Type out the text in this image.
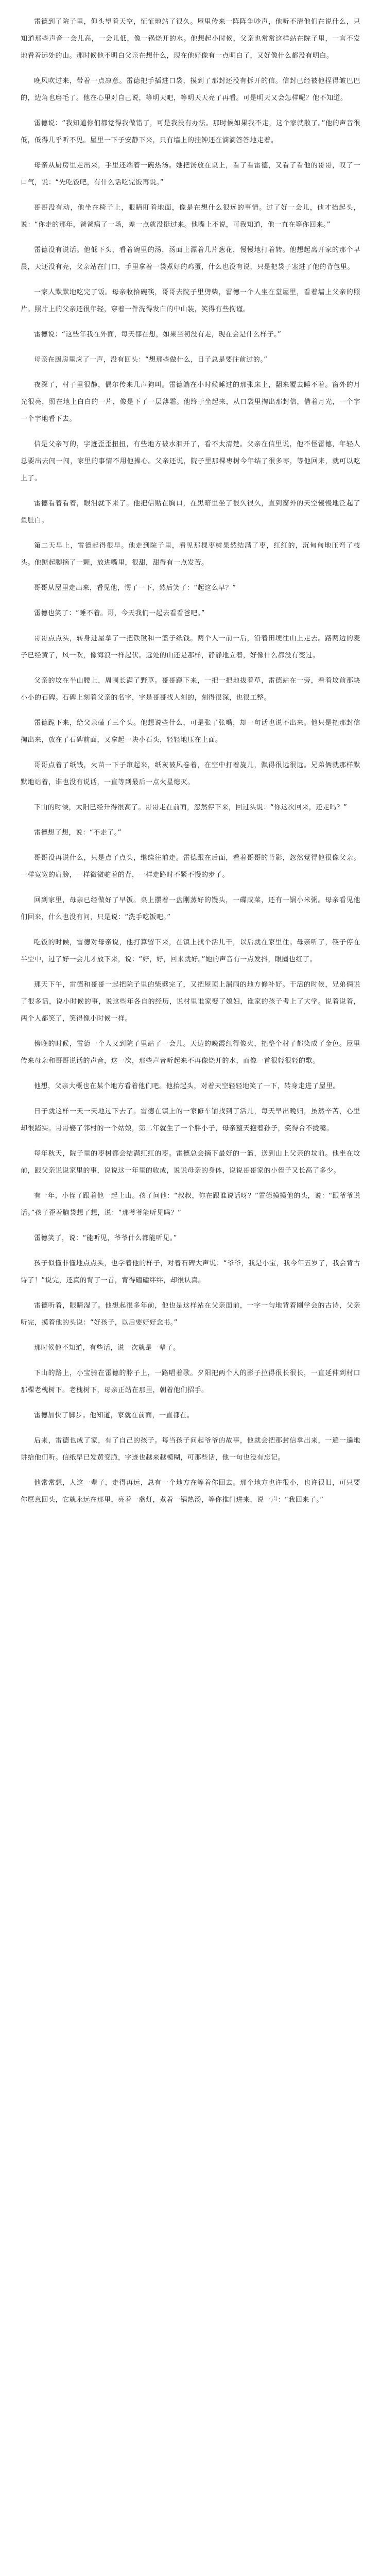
雷德到了院子里，仰头望着天空，怔怔地站了很久。屋里传来一阵阵争吵声，他听不清他们在说什么，只知道那些声音一会儿高，一会儿低，像一锅烧开的水。他想起小时候，父亲也常常这样站在院子里，一言不发地看着远处的山。那时候他不明白父亲在想什么，现在他好像有一点明白了，又好像什么都没有明白。

晚风吹过来，带着一点凉意。雷德把手插进口袋，摸到了那封还没有拆开的信。信封已经被他捏得皱巴巴的，边角也磨毛了。他在心里对自己说，等明天吧，等明天天亮了再看。可是明天又会怎样呢？他不知道。

雷德说：“我知道你们都觉得我做错了，可是我没有办法。那时候如果我不走，这个家就散了。”他的声音很低，低得几乎听不见。屋里一下子安静下来，只有墙上的挂钟还在滴滴答答地走着。

母亲从厨房里走出来，手里还端着一碗热汤。她把汤放在桌上，看了看雷德，又看了看他的哥哥，叹了一口气，说：“先吃饭吧，有什么话吃完饭再说。”

哥哥没有动，他坐在椅子上，眼睛盯着地面，像是在想什么很远的事情。过了好一会儿，他才抬起头，说：“你走的那年，爸爸病了一场，差一点就没挺过来。他嘴上不说，可我知道，他一直在等你回来。”

雷德没有说话。他低下头，看着碗里的汤，汤面上漂着几片葱花，慢慢地打着转。他想起离开家的那个早晨，天还没有亮，父亲站在门口，手里拿着一袋煮好的鸡蛋，什么也没有说，只是把袋子塞进了他的背包里。

一家人默默地吃完了饭。母亲收拾碗筷，哥哥去院子里劈柴，雷德一个人坐在堂屋里，看着墙上父亲的照片。照片上的父亲还很年轻，穿着一件洗得发白的中山装，笑得有些拘谨。

雷德说：“这些年我在外面，每天都在想，如果当初没有走，现在会是什么样子。”

母亲在厨房里应了一声，没有回头：“想那些做什么，日子总是要往前过的。”

夜深了，村子里很静，偶尔传来几声狗叫。雷德躺在小时候睡过的那张床上，翻来覆去睡不着。窗外的月光很亮，照在地上白白的一片，像是下了一层薄霜。他终于坐起来，从口袋里掏出那封信，借着月光，一个字一个字地看下去。

信是父亲写的，字迹歪歪扭扭，有些地方被水洇开了，看不太清楚。父亲在信里说，他不怪雷德，年轻人总要出去闯一闯，家里的事情不用他操心。父亲还说，院子里那棵枣树今年结了很多枣，等他回来，就可以吃上了。

雷德看着看着，眼泪就下来了。他把信贴在胸口，在黑暗里坐了很久很久，直到窗外的天空慢慢地泛起了鱼肚白。

第二天早上，雷德起得很早。他走到院子里，看见那棵枣树果然结满了枣，红红的，沉甸甸地压弯了枝头。他踮起脚摘了一颗，放进嘴里，很甜，甜得有一点发苦。

哥哥从屋里走出来，看见他，愣了一下，然后笑了：“起这么早？”

雷德也笑了：“睡不着。哥，今天我们一起去看看爸吧。”

哥哥点点头，转身进屋拿了一把铁锹和一篮子纸钱。两个人一前一后，沿着田埂往山上走去。路两边的麦子已经黄了，风一吹，像海浪一样起伏。远处的山还是那样，静静地立着，好像什么都没有变过。

父亲的坟在半山腰上，周围长满了野草。哥哥蹲下来，一把一把地拔着草，雷德站在一旁，看着坟前那块小小的石碑。石碑上刻着父亲的名字，字是哥哥找人刻的，刻得很深，也很工整。

雷德跪下来，给父亲磕了三个头。他想说些什么，可是张了张嘴，却一句话也说不出来。他只是把那封信掏出来，放在了石碑前面，又拿起一块小石头，轻轻地压在上面。

哥哥点着了纸钱，火苗一下子窜起来，纸灰被风卷着，在空中打着旋儿，飘得很远很远。兄弟俩就那样默默地站着，谁也没有说话，一直等到最后一点火星熄灭。

下山的时候，太阳已经升得很高了。哥哥走在前面，忽然停下来，回过头说：“你这次回来，还走吗？”

雷德想了想，说：“不走了。”

哥哥没再说什么，只是点了点头，继续往前走。雷德跟在后面，看着哥哥的背影，忽然觉得他很像父亲。一样宽宽的肩膀，一样微微驼着的背，一样走路时不紧不慢的步子。

回到家里，母亲已经做好了早饭。桌上摆着一盘刚蒸好的馒头，一碟咸菜，还有一锅小米粥。母亲看见他们回来，什么也没有问，只是说：“洗手吃饭吧。”

吃饭的时候，雷德对母亲说，他打算留下来，在镇上找个活儿干，以后就在家里住。母亲听了，筷子停在半空中，过了好一会儿才放下来，说：“好，好，回来就好。”她的声音有一点发抖，眼圈也红了。

那天下午，雷德和哥哥一起把院子里的柴劈完了，又把屋顶上漏雨的地方修补好。干活的时候，兄弟俩说了很多话，说小时候的事，说这些年各自的经历，说村里谁家娶了媳妇，谁家的孩子考上了大学。说着说着，两个人都笑了，笑得像小时候一样。

傍晚的时候，雷德一个人又到院子里站了一会儿。天边的晚霞红得像火，把整个村子都染成了金色。屋里传来母亲和哥哥说话的声音，这一次，那些声音听起来不再像烧开的水，而像一首很轻很轻的歌。

他想，父亲大概也在某个地方看着他们吧。他抬起头，对着天空轻轻地笑了一下，转身走进了屋里。

日子就这样一天一天地过下去了。雷德在镇上的一家修车铺找到了活儿，每天早出晚归，虽然辛苦，心里却很踏实。哥哥娶了邻村的一个姑娘，第二年就生了一个胖小子，母亲整天抱着孙子，笑得合不拢嘴。

每年秋天，院子里的枣树都会结满红红的枣。雷德总会摘下最好的一篮，送到山上父亲的坟前。他坐在坟前，跟父亲说说家里的事，说说这一年里的收成，说说母亲的身体，说说哥哥家的小侄子又长高了多少。

有一年，小侄子跟着他一起上山。孩子问他：“叔叔，你在跟谁说话呀？”雷德摸摸他的头，说：“跟爷爷说话。”孩子歪着脑袋想了想，说：“那爷爷能听见吗？”

雷德笑了，说：“能听见，爷爷什么都能听见。”

孩子似懂非懂地点点头，也学着他的样子，对着石碑大声说：“爷爷，我是小宝，我今年五岁了，我会背古诗了！”说完，还真的背了一首，背得磕磕绊绊，却很认真。

雷德听着，眼睛湿了。他想起很多年前，他也是这样站在父亲面前，一字一句地背着刚学会的古诗，父亲听完，摸着他的头说：“好孩子，以后要好好念书。”

那时候他不知道，有些话，说一次就是一辈子。

下山的路上，小宝骑在雷德的脖子上，一路唱着歌。夕阳把两个人的影子拉得很长很长，一直延伸到村口那棵老槐树下。老槐树下，母亲正站在那里，朝着他们招手。

雷德加快了脚步。他知道，家就在前面，一直都在。

后来，雷德也成了家，有了自己的孩子。每当孩子问起爷爷的故事，他就会把那封信拿出来，一遍一遍地讲给他们听。信纸早已发黄变脆，字迹也越来越模糊，可那些话，他一句也没有忘记。

他常常想，人这一辈子，走得再远，总有一个地方在等着你回去。那个地方也许很小，也许很旧，可只要你愿意回头，它就永远在那里，亮着一盏灯，煮着一锅热汤，等你推门进来，说一声：“我回来了。”
